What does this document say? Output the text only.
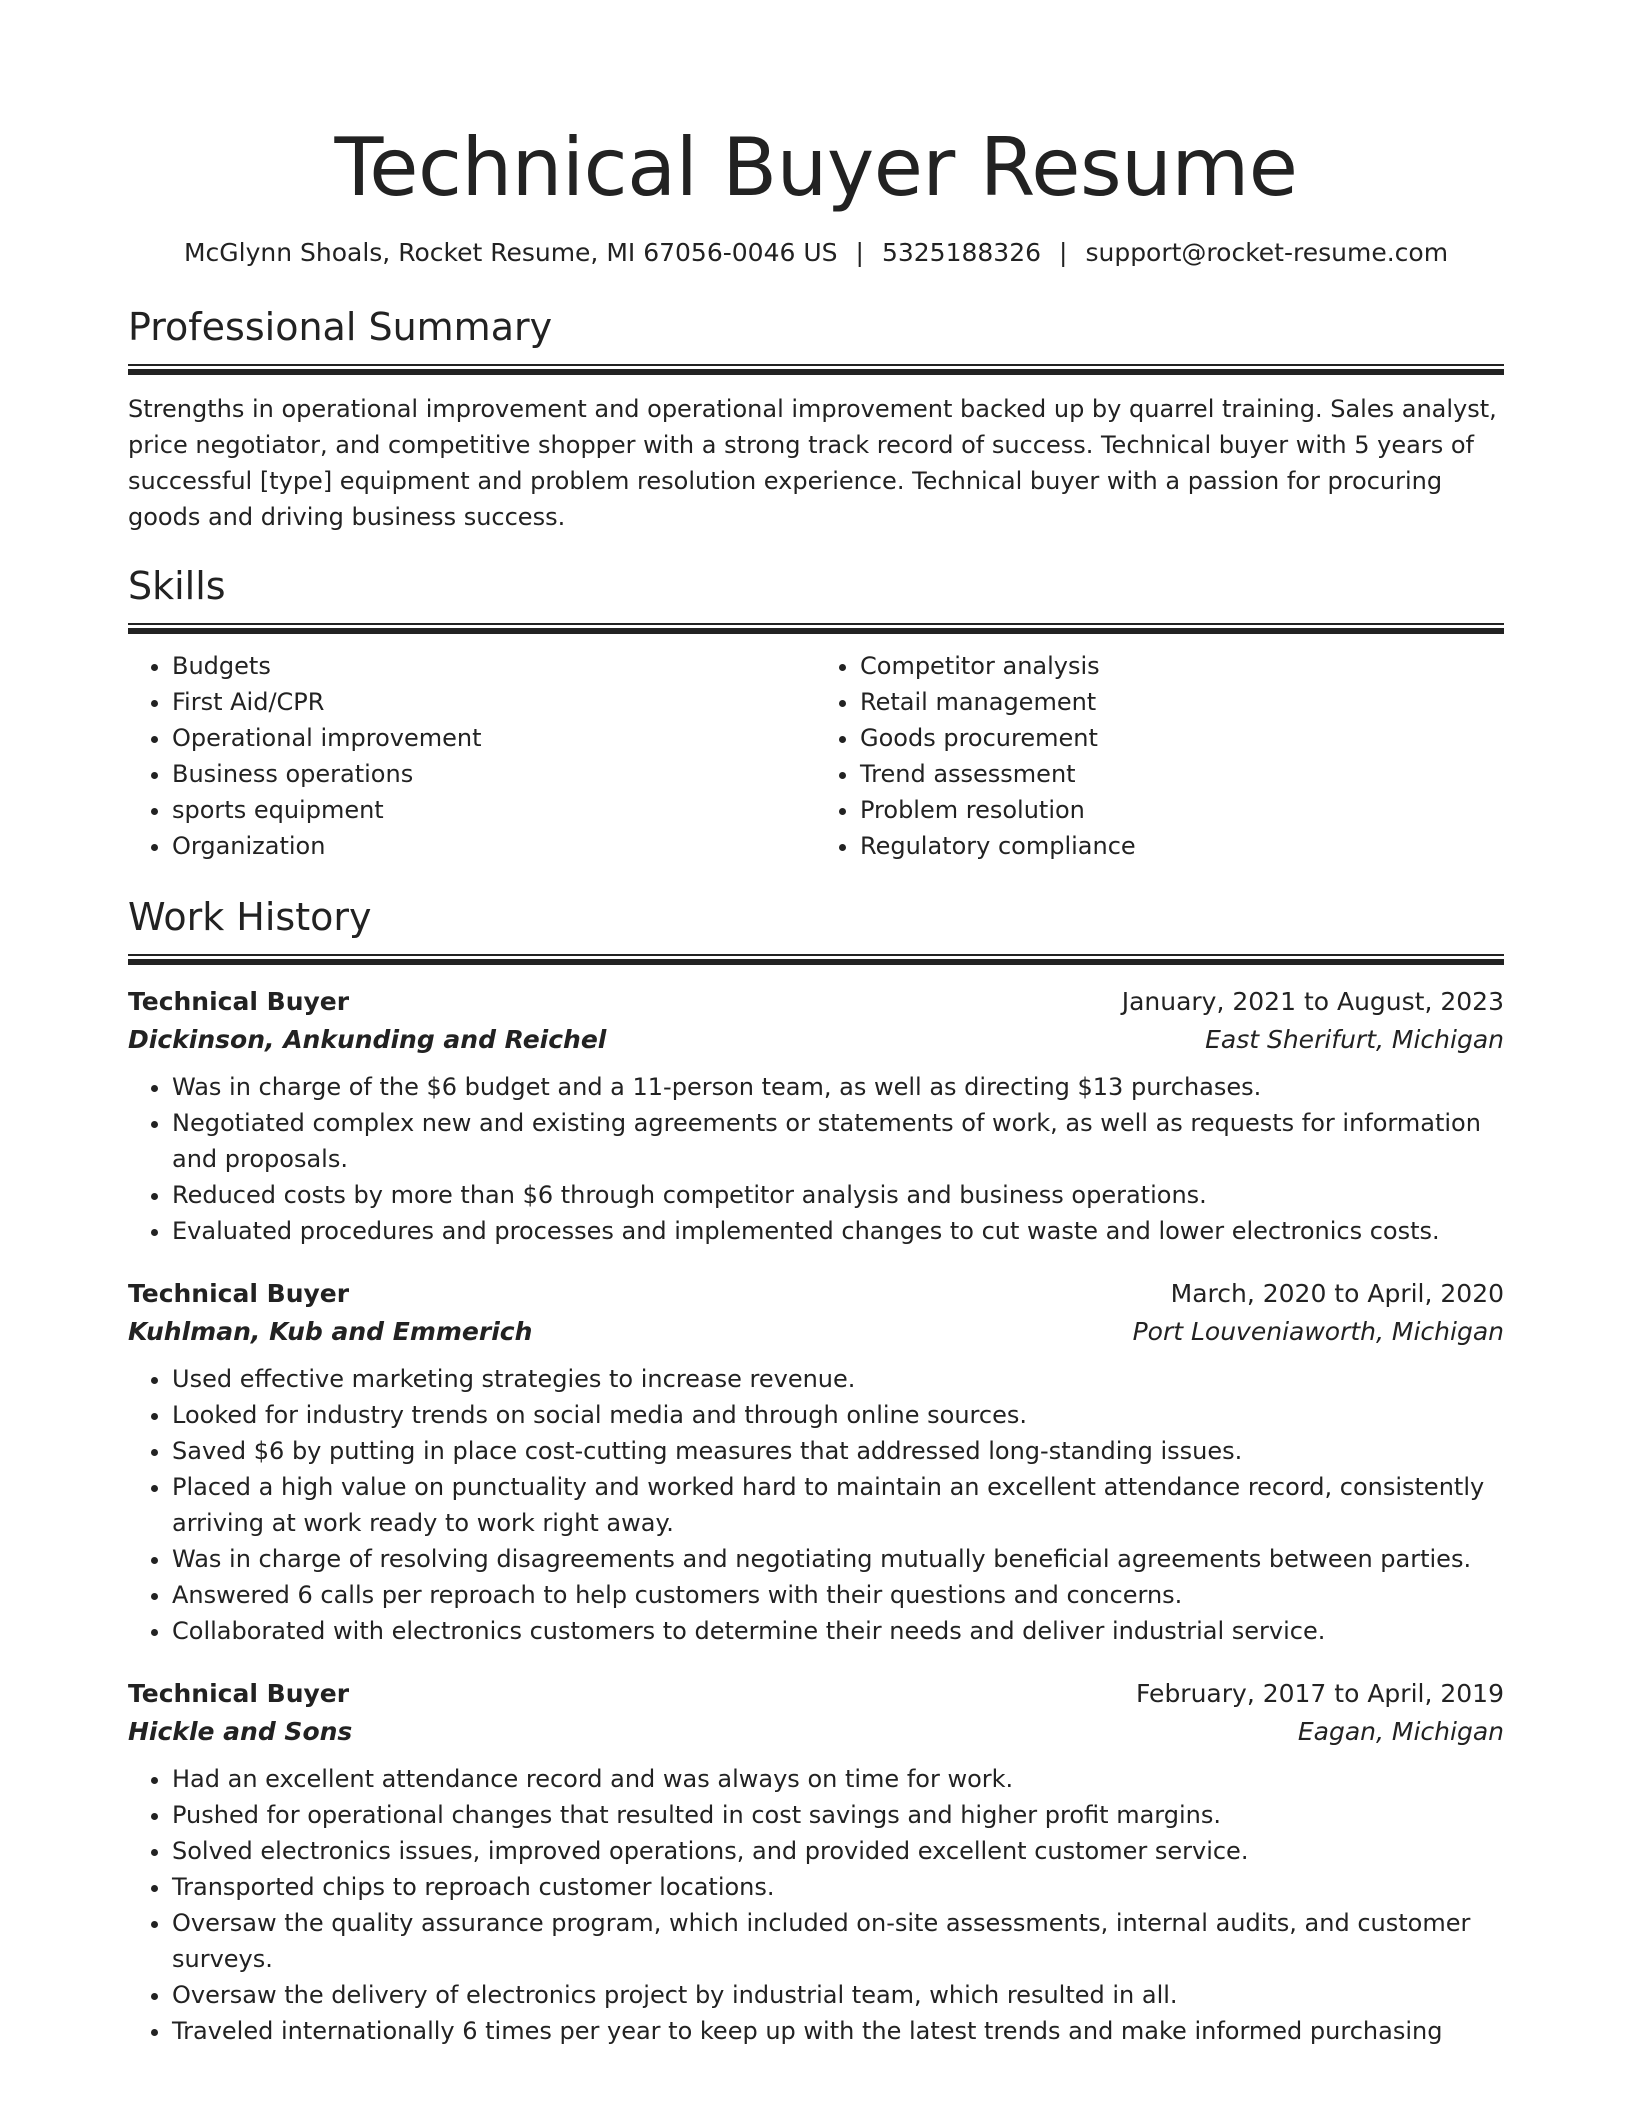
Technical Buyer Resume
McGlynn Shoals, Rocket Resume, MI 67056-0046 US | 5325188326 | support@rocket-resume.com
Professional Summary

Strengths in operational improvement and operational improvement backed up by quarrel training. Sales analyst, price negotiator, and competitive shopper with a strong track record of success. Technical buyer with 5 years of successful [type] equipment and problem resolution experience. Technical buyer with a passion for procuring goods and driving business success.

Skills
• Budgets
• First Aid/CPR
• Operational improvement
• Business operations
• sports equipment
• Organization
• Competitor analysis
• Retail management
• Goods procurement
• Trend assessment
• Problem resolution
• Regulatory compliance
Work History
Technical Buyer	January, 2021 to August, 2023
Dickinson, Ankunding and Reichel	East Sherifurt, Michigan
• Was in charge of the $6 budget and a 11-person team, as well as directing $13 purchases.
• Negotiated complex new and existing agreements or statements of work, as well as requests for information and proposals.
• Reduced costs by more than $6 through competitor analysis and business operations.
• Evaluated procedures and processes and implemented changes to cut waste and lower electronics costs.
Technical Buyer	March, 2020 to April, 2020
Kuhlman, Kub and Emmerich	Port Louveniaworth, Michigan
• Used effective marketing strategies to increase revenue.
• Looked for industry trends on social media and through online sources.
• Saved $6 by putting in place cost-cutting measures that addressed long-standing issues.
• Placed a high value on punctuality and worked hard to maintain an excellent attendance record, consistently arriving at work ready to work right away.
• Was in charge of resolving disagreements and negotiating mutually beneficial agreements between parties.
• Answered 6 calls per reproach to help customers with their questions and concerns.
• Collaborated with electronics customers to determine their needs and deliver industrial service.
Technical Buyer	February, 2017 to April, 2019
Hickle and Sons	Eagan, Michigan
• Had an excellent attendance record and was always on time for work.
• Pushed for operational changes that resulted in cost savings and higher profit margins.
• Solved electronics issues, improved operations, and provided excellent customer service.
• Transported chips to reproach customer locations.
• Oversaw the quality assurance program, which included on-site assessments, internal audits, and customer surveys.
• Oversaw the delivery of electronics project by industrial team, which resulted in all.
• Traveled internationally 6 times per year to keep up with the latest trends and make informed purchasing
